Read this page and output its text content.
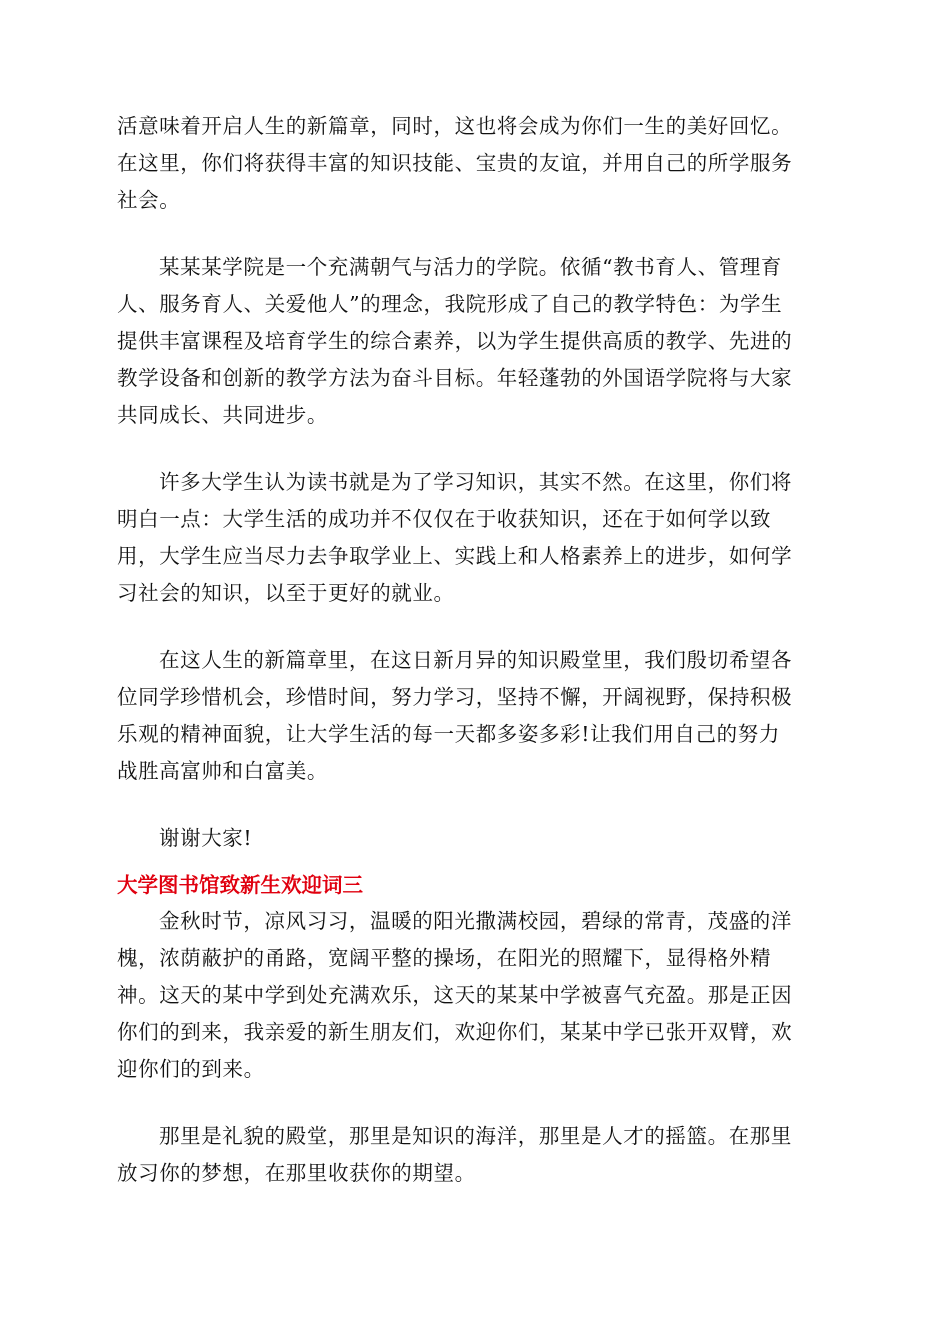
活意味着开启人生的新篇章，同时，这也将会成为你们一生的美好回忆。
在这里，你们将获得丰富的知识技能、宝贵的友谊，并用自己的所学服务
社会。
某某某学院是一个充满朝气与活力的学院。依循“教书育人、管理育
人、服务育人、关爱他人”的理念，我院形成了自己的教学特色：为学生
提供丰富课程及培育学生的综合素养，以为学生提供高质的教学、先进的
教学设备和创新的教学方法为奋斗目标。年轻蓬勃的外国语学院将与大家
共同成长、共同进步。
许多大学生认为读书就是为了学习知识，其实不然。在这里，你们将
明白一点：大学生活的成功并不仅仅在于收获知识，还在于如何学以致
用，大学生应当尽力去争取学业上、实践上和人格素养上的进步，如何学
习社会的知识，以至于更好的就业。
在这人生的新篇章里，在这日新月异的知识殿堂里，我们殷切希望各
位同学珍惜机会，珍惜时间，努力学习，坚持不懈，开阔视野，保持积极
乐观的精神面貌，让大学生活的每一天都多姿多彩!让我们用自己的努力
战胜高富帅和白富美。
谢谢大家!
大学图书馆致新生欢迎词三
金秋时节，凉风习习，温暖的阳光撒满校园，碧绿的常青，茂盛的洋
槐，浓荫蔽护的甬路，宽阔平整的操场，在阳光的照耀下，显得格外精
神。这天的某中学到处充满欢乐，这天的某某中学被喜气充盈。那是正因
你们的到来，我亲爱的新生朋友们，欢迎你们，某某中学已张开双臂，欢
迎你们的到来。
那里是礼貌的殿堂，那里是知识的海洋，那里是人才的摇篮。在那里
放习你的梦想，在那里收获你的期望。
